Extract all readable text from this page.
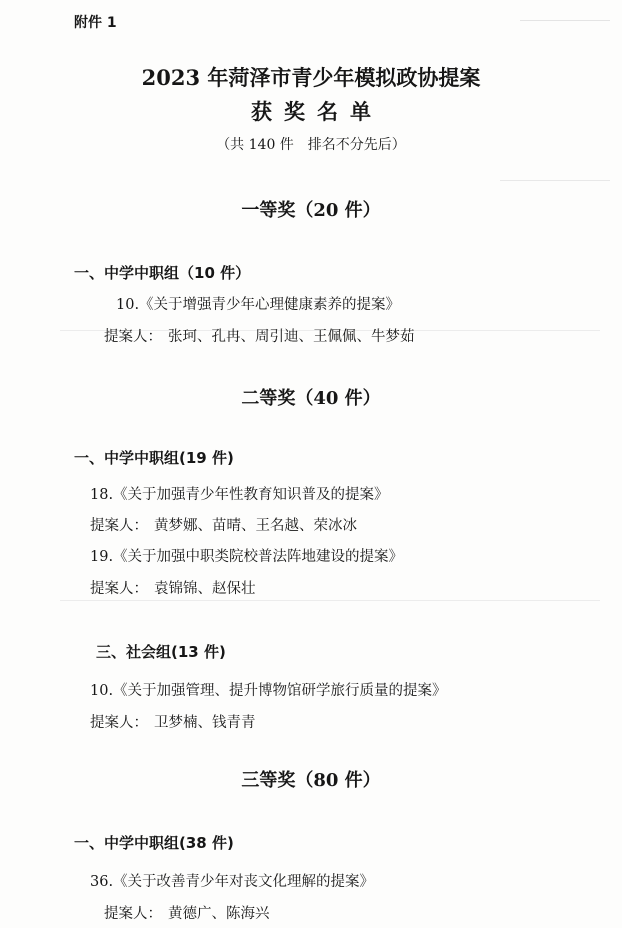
附件 1
2023 年菏泽市青少年模拟政协提案
获奖名单
（共 140 件　排名不分先后）
一等奖（20 件）
一、中学中职组（10 件）
10.《关于增强青少年心理健康素养的提案》
提案人： 张珂、孔冉、周引迪、王佩佩、牛梦茹
二等奖（40 件）
一、中学中职组(19 件)
18.《关于加强青少年性教育知识普及的提案》
提案人： 黄梦娜、苗晴、王名越、荣冰冰
19.《关于加强中职类院校普法阵地建设的提案》
提案人： 袁锦锦、赵保壮
三、社会组(13 件)
10.《关于加强管理、提升博物馆研学旅行质量的提案》
提案人： 卫梦楠、钱青青
三等奖（80 件）
一、中学中职组(38 件)
36.《关于改善青少年对丧文化理解的提案》
提案人： 黄德广、陈海兴
